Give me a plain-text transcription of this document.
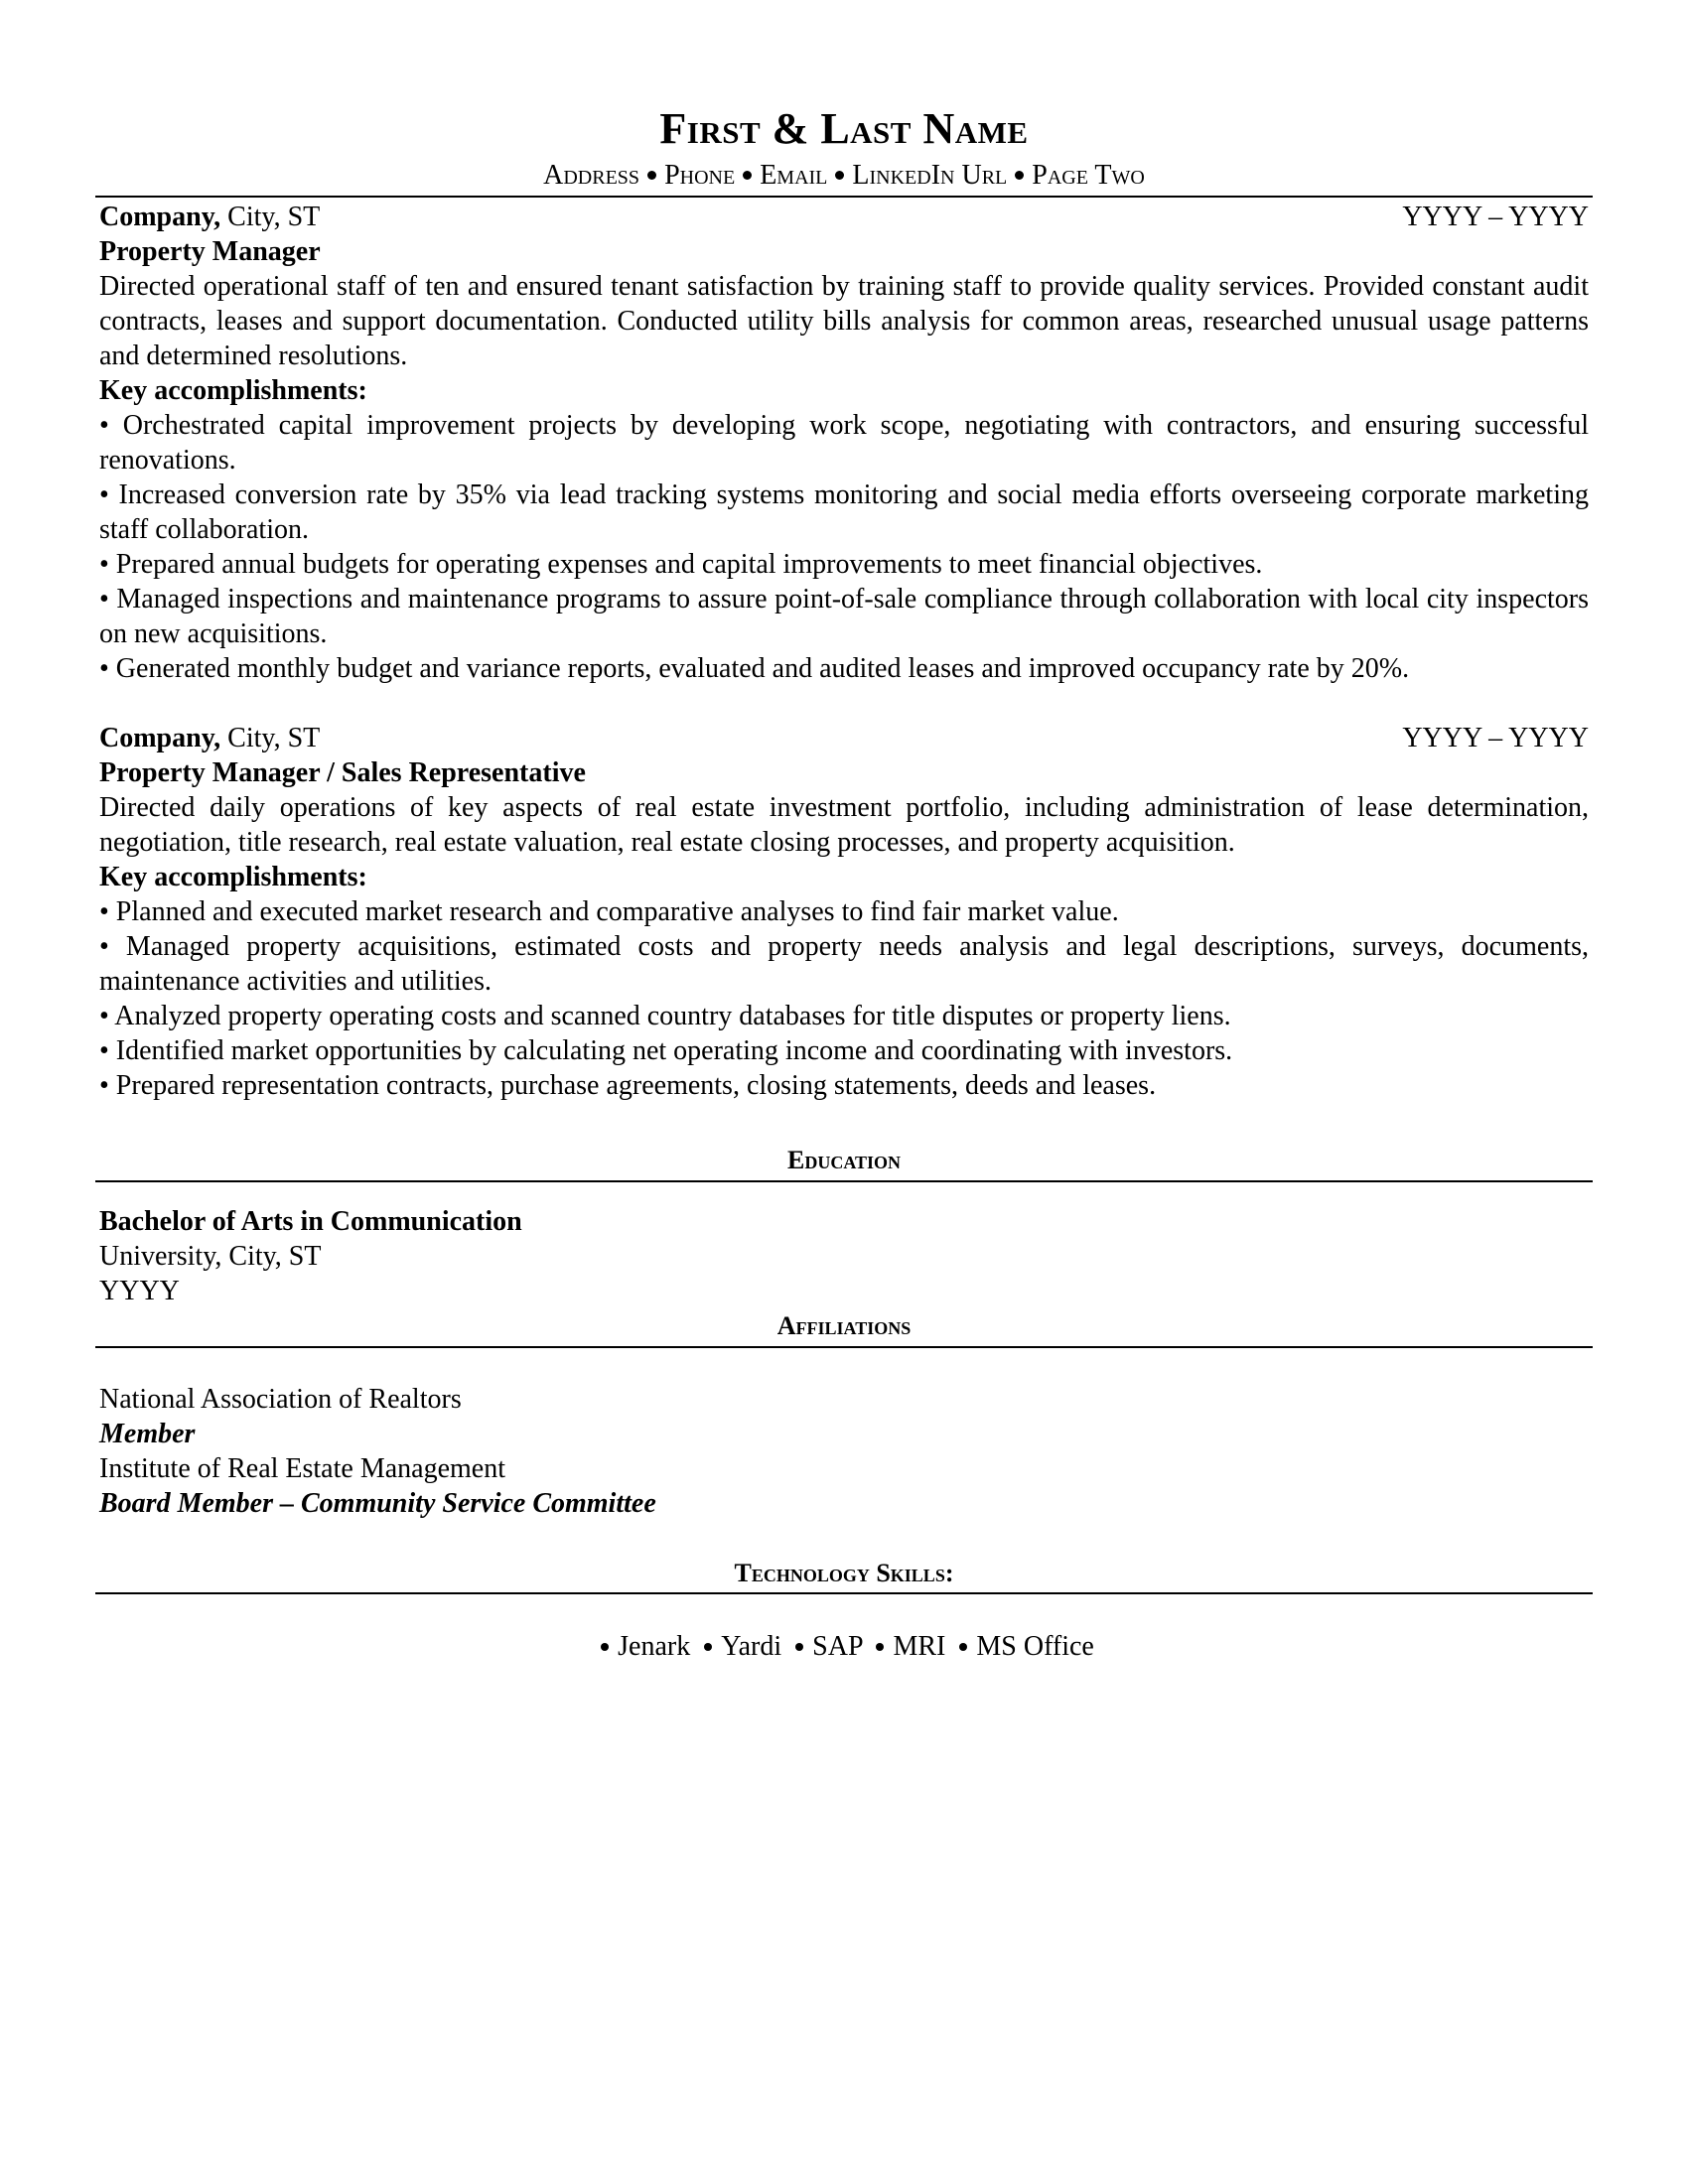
First & Last Name
Address Phone Email LinkedIn Url Page Two
Company, City, ST	YYYY – YYYY

Property Manager

Directed operational staff of ten and ensured tenant satisfaction by training staff to provide quality services. Provided constant audit contracts, leases and support documentation. Conducted utility bills analysis for common areas, researched unusual usage patterns and determined resolutions.

Key accomplishments:

• Orchestrated capital improvement projects by developing work scope, negotiating with contractors, and ensuring successful renovations.

• Increased conversion rate by 35% via lead tracking systems monitoring and social media efforts overseeing corporate marketing staff collaboration.

• Prepared annual budgets for operating expenses and capital improvements to meet financial objectives.

• Managed inspections and maintenance programs to assure point-of-sale compliance through collaboration with local city inspectors on new acquisitions.

• Generated monthly budget and variance reports, evaluated and audited leases and improved occupancy rate by 20%.

Company, City, ST	YYYY – YYYY

Property Manager / Sales Representative

Directed daily operations of key aspects of real estate investment portfolio, including administration of lease determination, negotiation, title research, real estate valuation, real estate closing processes, and property acquisition.

Key accomplishments:

• Planned and executed market research and comparative analyses to find fair market value.

• Managed property acquisitions, estimated costs and property needs analysis and legal descriptions, surveys, documents, maintenance activities and utilities.

• Analyzed property operating costs and scanned country databases for title disputes or property liens.

• Identified market opportunities by calculating net operating income and coordinating with investors.

• Prepared representation contracts, purchase agreements, closing statements, deeds and leases.

Education

Bachelor of Arts in Communication

University, City, ST

YYYY

Affiliations

National Association of Realtors

Member

Institute of Real Estate Management

Board Member – Community Service Committee

Technology Skills:
Jenark Yardi SAP MRI MS Office
